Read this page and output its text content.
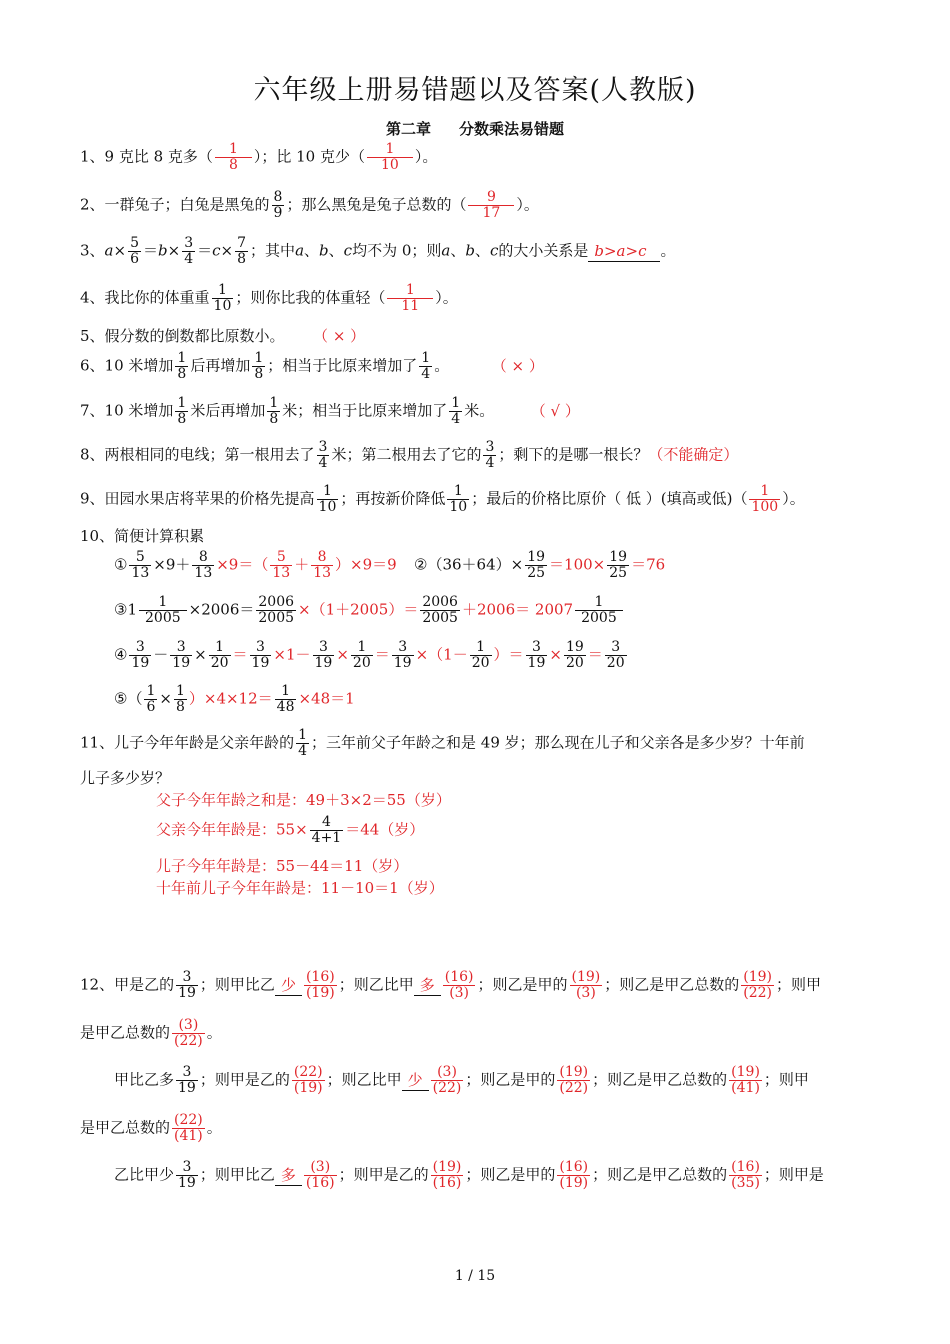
六年级上册易错题以及答案(人教版)
第二章 分数乘法易错题
1、9 克比 8 克多（ $\frac{1}{8}$ ）；比 10 克少（ $\frac{1}{10}$ ）。
2、一群兔子；白兔是黑兔的 $\frac{8}{9}$ ；那么黑兔是兔子总数的（ $\frac{9}{17}$ ）。
3、$a\times \frac{5}{6} =b\times \frac{3}{4} =c\times \frac{7}{8}$ ；其中a、b、c均不为 0；则a、b、c的大小关系是 b>a>c 。
4、我比你的体重重 $\frac{1}{10}$ ；则你比我的体重轻（ $\frac{1}{11}$ ）。
5、假分数的倒数都比原数小。 （ × ）
6、10 米增加 $\frac{1}{8}$ 后再增加 $\frac{1}{8}$ ；相当于比原来增加了 $\frac{1}{4}$ 。	（ × ）
7、10 米增加 $\frac{1}{8}$ 米后再增加 $\frac{1}{8}$ 米；相当于比原来增加了 $\frac{1}{4}$ 米。	（ √ ）
8、两根相同的电线；第一根用去了 $\frac{3}{4}$ 米；第二根用去了它的 $\frac{3}{4}$ ；剩下的是哪一根长？（不能确定）
9、田园水果店将苹果的价格先提高 $\frac{1}{10}$ ；再按新价降低 $\frac{1}{10}$ ；最后的价格比原价（ 低 ）(填高或低)（ $\frac{1}{100}$ ）。
10、简便计算积累
① $\frac{5}{13} \times 9+ \frac{8}{13} \times 9=( \frac{5}{13} + \frac{8}{13} )\times 9=9$ ②（36＋64）× $\frac{19}{25} =100\times \frac{19}{25} =76$
③1 $\frac{1}{2005} \times 2006= \frac{2006}{2005} \times(1+2005)= \frac{2006}{2005} +2006= 2007 \frac{1}{2005}$
④ $\frac{3}{19} - \frac{3}{19} \times \frac{1}{20} = \frac{3}{19} \times 1- \frac{3}{19} \times \frac{1}{20} = \frac{3}{19} \times(1- \frac{1}{20}$ ）＝ $\frac{3}{19} \times \frac{19}{20} = \frac{3}{20}$
⑤（ $\frac{1}{6} \times \frac{1}{8} )\times 4\times 12= \frac{1}{48} \times 48=1$
11、儿子今年年龄是父亲年龄的 $\frac{1}{4}$ ；三年前父子年龄之和是 49 岁；那么现在儿子和父亲各是多少岁？十年前
儿子多少岁？
父子今年年龄之和是：49＋3×2＝55（岁）
父亲今年年龄是：$55\times \frac{4}{4+1} =44$（岁）
儿子今年年龄是：55－44＝11（岁）
十年前儿子今年年龄是：11－10＝1（岁）
12、甲是乙的 $\frac{3}{19}$ ；则甲比乙 少 $\frac{(16)}{(19)}$ ；则乙比甲 多 $\frac{(16)}{(3)}$ ；则乙是甲的 $\frac{(19)}{(3)}$ ；则乙是甲乙总数的 $\frac{(19)}{(22)}$ ；则甲
是甲乙总数的 $\frac{(3)}{(22)}$ 。
甲比乙多 $\frac{3}{19}$ ；则甲是乙的 $\frac{(22)}{(19)}$ ；则乙比甲 少 $\frac{(3)}{(22)}$ ；则乙是甲的 $\frac{(19)}{(22)}$ ；则乙是甲乙总数的 $\frac{(19)}{(41)}$ ；则甲
是甲乙总数的 $\frac{(22)}{(41)}$ 。
乙比甲少 $\frac{3}{19}$ ；则甲比乙 多 $\frac{(3)}{(16)}$ ；则甲是乙的 $\frac{(19)}{(16)}$ ；则乙是甲的 $\frac{(16)}{(19)}$ ；则乙是甲乙总数的 $\frac{(16)}{(35)}$ ；则甲是
1 / 15
